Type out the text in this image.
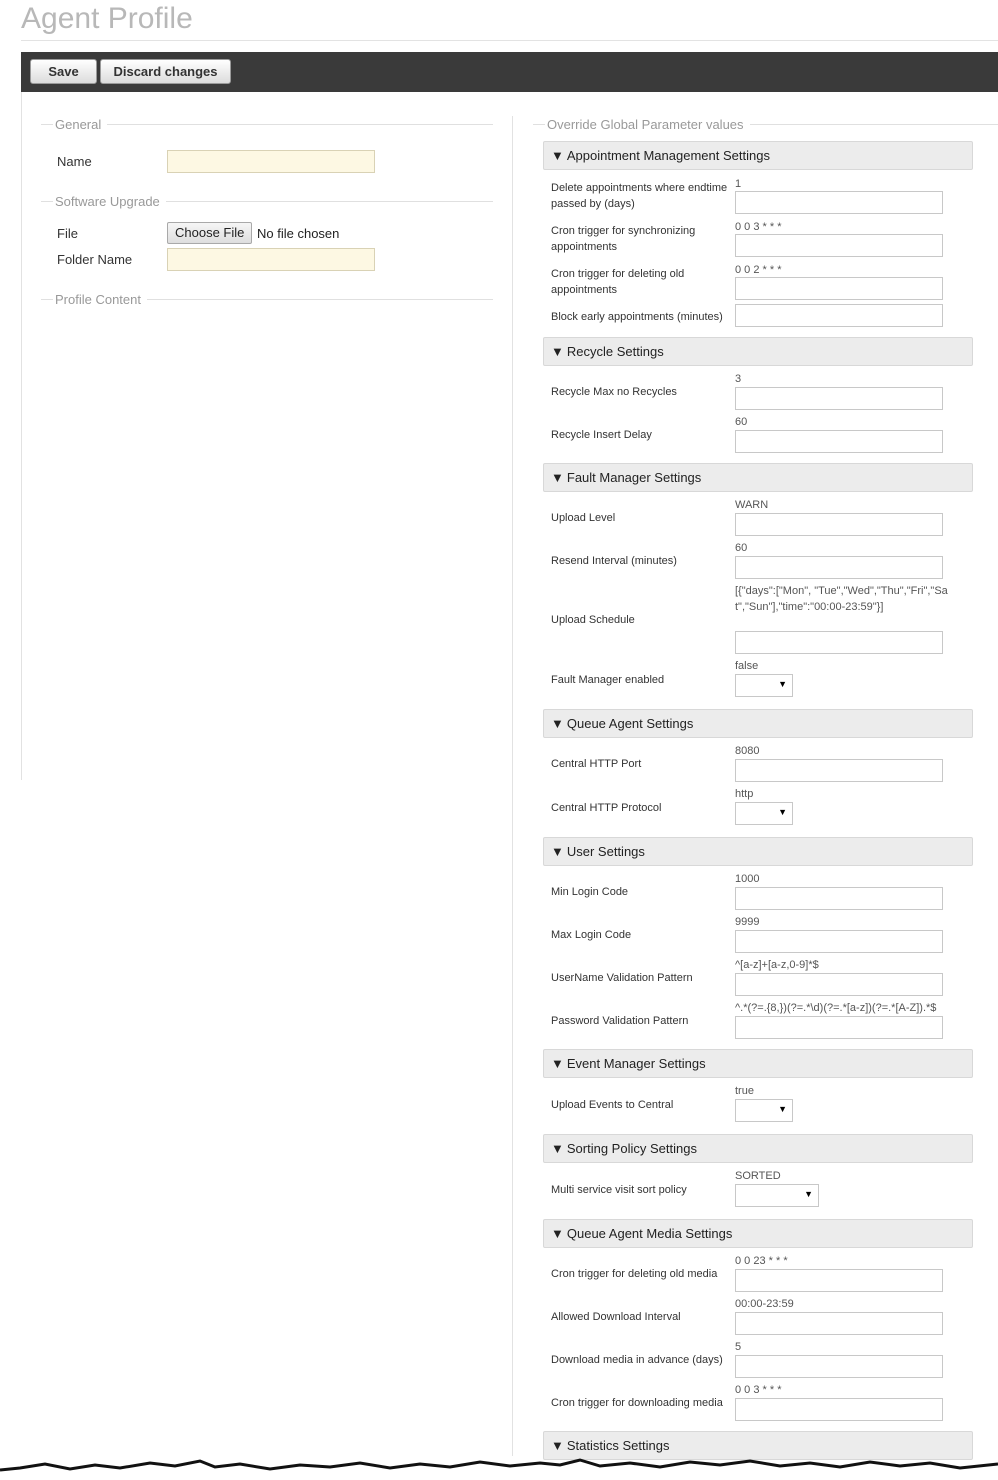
Agent Profile
Save	Discard changes
General
Name
Software Upgrade
File	Choose File No file chosen
Folder Name
Profile Content
Override Global Parameter values
▼ Appointment Management Settings
Delete appointments where endtime passed by (days)
1
Cron trigger for synchronizing appointments
0 0 3 * * *
Cron trigger for deleting old appointments
0 0 2 * * *
Block early appointments (minutes)
▼ Recycle Settings
Recycle Max no Recycles
3
Recycle Insert Delay
60
▼ Fault Manager Settings
Upload Level
WARN
Resend Interval (minutes)
60
Upload Schedule
[{"days":["Mon", "Tue","Wed","Thu","Fri","Sat","Sun"],"time":"00:00-23:59"}]
Fault Manager enabled
false
▼
▼ Queue Agent Settings
Central HTTP Port
8080
Central HTTP Protocol
http
▼
▼ User Settings
Min Login Code
1000
Max Login Code
9999
UserName Validation Pattern
^[a-z]+[a-z,0-9]*$
Password Validation Pattern
^.*(?=.{8,})(?=.*\d)(?=.*[a-z])(?=.*[A-Z]).*$
▼ Event Manager Settings
Upload Events to Central
true
▼
▼ Sorting Policy Settings
Multi service visit sort policy
SORTED
▼
▼ Queue Agent Media Settings
Cron trigger for deleting old media
0 0 23 * * *
Allowed Download Interval
00:00-23:59
Download media in advance (days)
5
Cron trigger for downloading media
0 0 3 * * *
▼ Statistics Settings
